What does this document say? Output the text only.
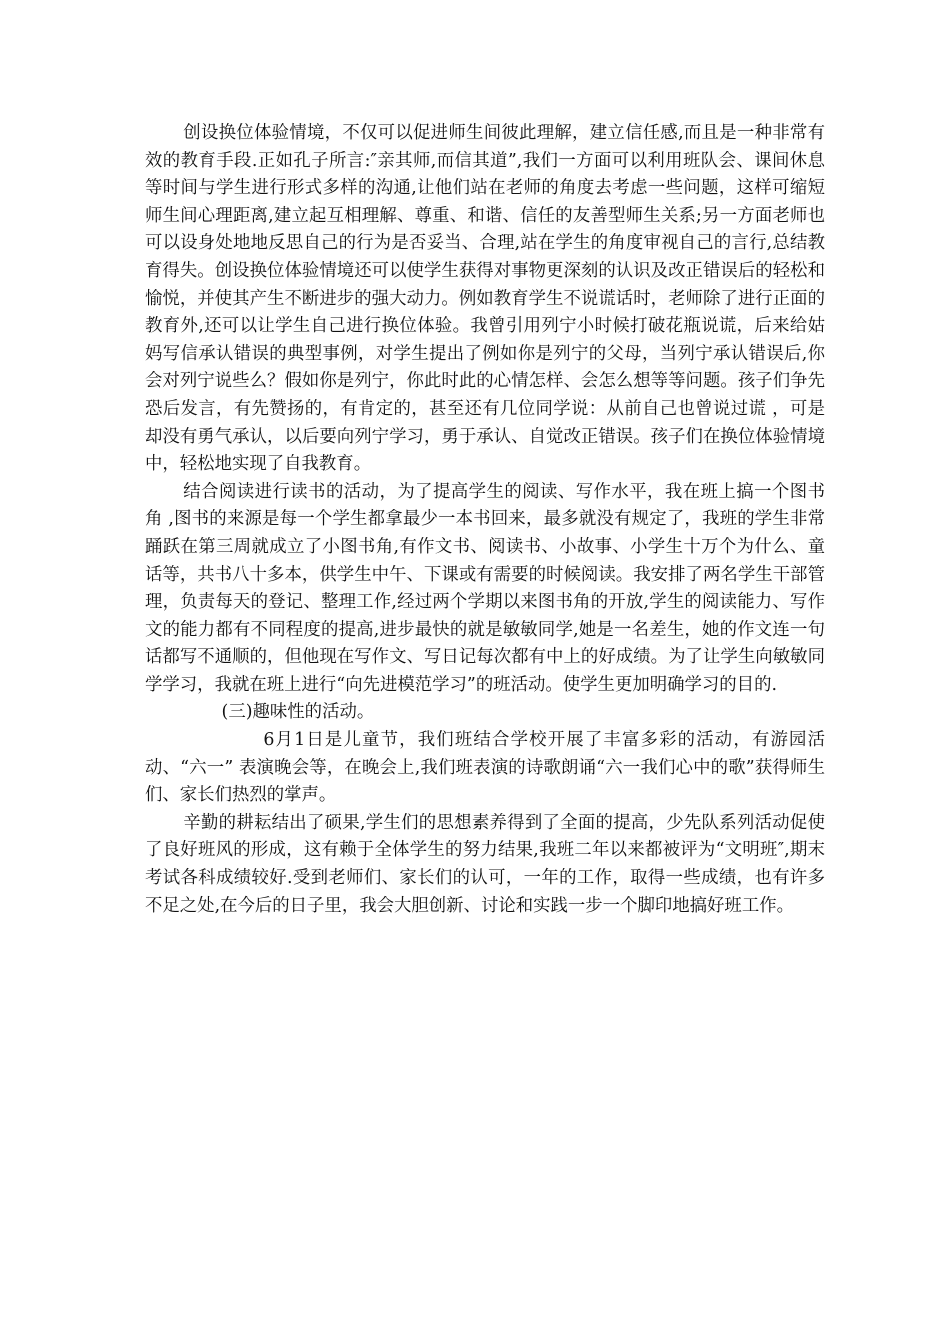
创设换位体验情境，不仅可以促进师生间彼此理解，建立信任感,而且是一种非常有效的教育手段.正如孔子所言:″亲其师,而信其道”,我们一方面可以利用班队会、课间休息等时间与学生进行形式多样的沟通,让他们站在老师的角度去考虑一些问题，这样可缩短师生间心理距离,建立起互相理解、尊重、和谐、信任的友善型师生关系;另一方面老师也可以设身处地地反思自己的行为是否妥当、合理,站在学生的角度审视自己的言行,总结教育得失。创设换位体验情境还可以使学生获得对事物更深刻的认识及改正错误后的轻松和愉悦，并使其产生不断进步的强大动力。例如教育学生不说谎话时，老师除了进行正面的教育外,还可以让学生自己进行换位体验。我曾引用列宁小时候打破花瓶说谎，后来给姑妈写信承认错误的典型事例，对学生提出了例如你是列宁的父母，当列宁承认错误后,你会对列宁说些么？假如你是列宁，你此时此的心情怎样、会怎么想等等问题。孩子们争先恐后发言，有先赞扬的，有肯定的，甚至还有几位同学说：从前自己也曾说过谎 ，可是却没有勇气承认，以后要向列宁学习，勇于承认、自觉改正错误。孩子们在换位体验情境中，轻松地实现了自我教育。

结合阅读进行读书的活动，为了提高学生的阅读、写作水平，我在班上搞一个图书角 ,图书的来源是每一个学生都拿最少一本书回来，最多就没有规定了，我班的学生非常踊跃在第三周就成立了小图书角,有作文书、阅读书、小故事、小学生十万个为什么、童话等，共书八十多本，供学生中午、下课或有需要的时候阅读。我安排了两名学生干部管理，负责每天的登记、整理工作,经过两个学期以来图书角的开放,学生的阅读能力、写作文的能力都有不同程度的提高,进步最快的就是敏敏同学,她是一名差生，她的作文连一句话都写不通顺的，但他现在写作文、写日记每次都有中上的好成绩。为了让学生向敏敏同学学习，我就在班上进行“向先进模范学习”的班活动。使学生更加明确学习的目的.

(三)趣味性的活动。

6月1日是儿童节，我们班结合学校开展了丰富多彩的活动，有游园活动、“六一” 表演晚会等，在晚会上,我们班表演的诗歌朗诵“六一我们心中的歌”获得师生们、家长们热烈的掌声。

辛勤的耕耘结出了硕果,学生们的思想素养得到了全面的提高，少先队系列活动促使了良好班风的形成，这有赖于全体学生的努力结果,我班二年以来都被评为“文明班″,期末考试各科成绩较好.受到老师们、家长们的认可，一年的工作，取得一些成绩，也有许多不足之处,在今后的日子里，我会大胆创新、讨论和实践一步一个脚印地搞好班工作。
